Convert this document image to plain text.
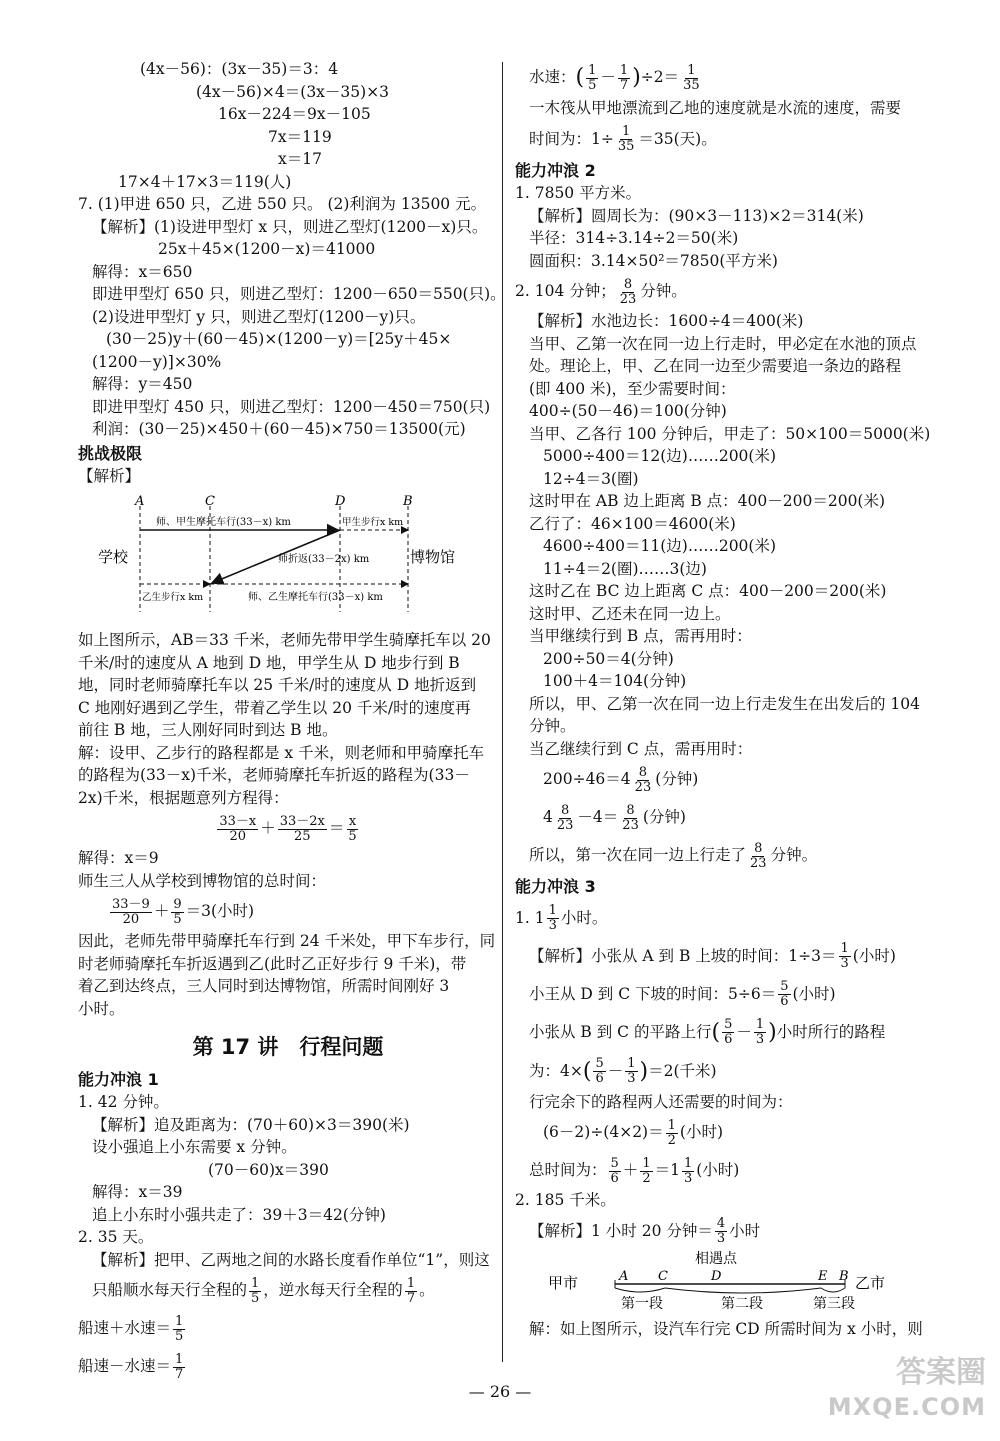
(4x－56)：(3x－35)＝3：4
(4x－56)×4＝(3x－35)×3
16x－224＝9x－105
7x＝119
x＝17
17×4＋17×3＝119(人)
7. (1)甲进 650 只，乙进 550 只。 (2)利润为 13500 元。
【解析】(1)设进甲型灯 x 只，则进乙型灯(1200－x)只。
25x＋45×(1200－x)＝41000
解得：x＝650
即进甲型灯 650 只，则进乙型灯：1200－650＝550(只)。
(2)设进甲型灯 y 只，则进乙型灯(1200－y)只。
(30－25)y＋(60－45)×(1200－y)＝[25y＋45×
(1200－y)]×30%
解得：y＝450
即进甲型灯 450 只，则进乙型灯：1200－450＝750(只)
利润：(30－25)×450＋(60－45)×750＝13500(元)
挑战极限
【解析】
A	C	D	B
学校	博物馆
师、甲生摩托车行(33－x) km	甲生步行x km
师折返(33－2x) km
乙生步行x km	师、乙生摩托车行(33－x) km
如上图所示，AB＝33 千米，老师先带甲学生骑摩托车以 20
千米/时的速度从 A 地到 D 地，甲学生从 D 地步行到 B
地，同时老师骑摩托车以 25 千米/时的速度从 D 地折返到
C 地刚好遇到乙学生，带着乙学生以 20 千米/时的速度再
前往 B 地，三人刚好同时到达 B 地。
解：设甲、乙步行的路程都是 x 千米，则老师和甲骑摩托车
的路程为(33－x)千米，老师骑摩托车折返的路程为(33－
2x)千米，根据题意列方程得：
$\frac{33-x}{20} + \frac{33-2x}{25} = \frac{x}{5}$
解得：x＝9
师生三人从学校到博物馆的总时间：
$\frac{33-9}{20} + \frac{9}{5} =3$(小时)
因此，老师先带甲骑摩托车行到 24 千米处，甲下车步行，同
时老师骑摩托车折返遇到乙(此时乙正好步行 9 千米)，带
着乙到达终点，三人同时到达博物馆，所需时间刚好 3
小时。
第 17 讲　行程问题
能力冲浪 1
1. 42 分钟。
【解析】追及距离为：(70＋60)×3＝390(米)
设小强追上小东需要 x 分钟。
(70－60)x＝390
解得：x＝39
追上小东时小强共走了：39＋3＝42(分钟)
2. 35 天。
【解析】把甲、乙两地之间的水路长度看作单位“1”，则这
只船顺水每天行全程的 $\frac{1}{5}$ ，逆水每天行全程的 $\frac{1}{7}$ 。
船速＋水速＝ $\frac{1}{5}$
船速－水速＝ $\frac{1}{7}$
水速：( $\frac{1}{5} - \frac{1}{7} )\div 2= \frac{1}{35}$
一木筏从甲地漂流到乙地的速度就是水流的速度，需要
时间为：$1\div \frac{1}{35} =35$(天)。
能力冲浪 2
1. 7850 平方米。
【解析】圆周长为：(90×3－113)×2＝314(米)
半径：314÷3.14÷2＝50(米)
圆面积：3.14×50²＝7850(平方米)
2. 104 分钟； $\frac{8}{23}$ 分钟。
【解析】水池边长：1600÷4＝400(米)
当甲、乙第一次在同一边上行走时，甲必定在水池的顶点
处。理论上，甲、乙在同一边至少需要追一条边的路程
(即 400 米)，至少需要时间：
400÷(50－46)＝100(分钟)
当甲、乙各行 100 分钟后，甲走了：50×100＝5000(米)
5000÷400＝12(边)……200(米)
12÷4＝3(圈)
这时甲在 AB 边上距离 B 点：400－200＝200(米)
乙行了：46×100＝4600(米)
4600÷400＝11(边)……200(米)
11÷4＝2(圈)……3(边)
这时乙在 BC 边上距离 C 点：400－200＝200(米)
这时甲、乙还未在同一边上。
当甲继续行到 B 点，需再用时：
200÷50＝4(分钟)
100＋4＝104(分钟)
所以，甲、乙第一次在同一边上行走发生在出发后的 104
分钟。
当乙继续行到 C 点，需再用时：
$200\div 46=4 \frac{8}{23}$ (分钟)
$4 \frac{8}{23} -4= \frac{8}{23}$ (分钟)
所以，第一次在同一边上行走了 $\frac{8}{23}$ 分钟。
能力冲浪 3
1. $1 \frac{1}{3}$ 小时。
【解析】小张从 A 到 B 上坡的时间：$1\div 3= \frac{1}{3}$ (小时)
小王从 D 到 C 下坡的时间：$5\div 6= \frac{5}{6}$ (小时)
小张从 B 到 C 的平路上行( $\frac{5}{6} - \frac{1}{3}$ )小时所行的路程
为：$4\times( \frac{5}{6} - \frac{1}{3} )=2$(千米)
行完余下的路程两人还需要的时间为：
$(6-2)\div(4\times 2)= \frac{1}{2}$ (小时)
总时间为： $\frac{5}{6} + \frac{1}{2} =1 \frac{1}{3}$ (小时)
2. 185 千米。
【解析】1 小时 20 分钟＝ $\frac{4}{3}$ 小时
相遇点
甲市	乙市
A C	D	E B
第一段	第二段	第三段
解：如上图所示，设汽车行完 CD 所需时间为 x 小时，则
— 26 —
答案圈
MXQE.COM
